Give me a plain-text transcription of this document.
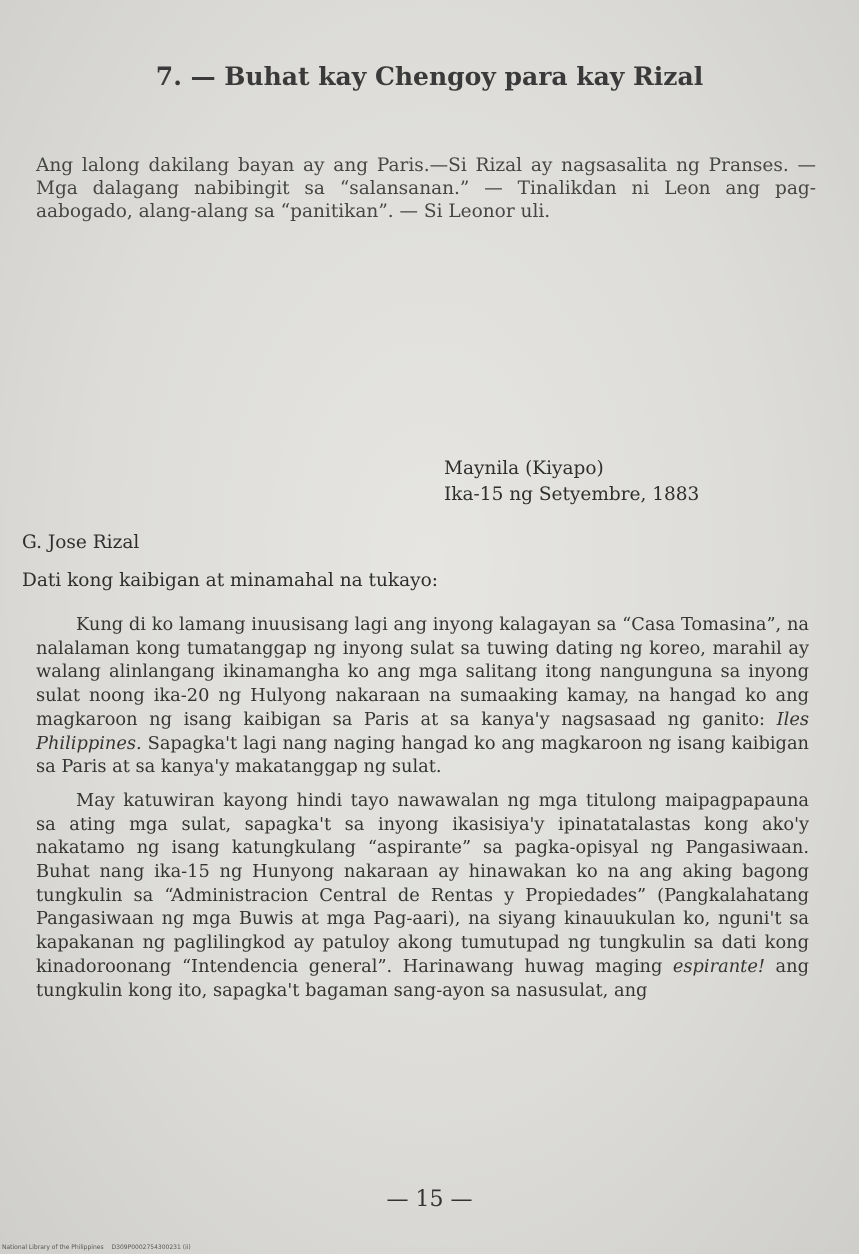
7. — Buhat kay Chengoy para kay Rizal
Ang lalong dakilang bayan ay ang Paris.—Si Rizal ay nagsasalita ng Pranses. — Mga dalagang nabibingit sa “salansanan.” — Tinalikdan ni Leon ang pag-aabogado, alang-alang sa “panitikan”. — Si Leonor uli.
Maynila (Kiyapo)
Ika-15 ng Setyembre, 1883
G. Jose Rizal
Dati kong kaibigan at minamahal na tukayo:

Kung di ko lamang inuusisang lagi ang inyong kalagayan sa “Casa Tomasina”, na nalalaman kong tumatanggap ng inyong sulat sa tuwing dating ng koreo, marahil ay walang alinlangang ikinamangha ko ang mga salitang itong nangunguna sa inyong sulat noong ika-20 ng Hulyong nakaraan na sumaaking kamay, na hangad ko ang magkaroon ng isang kaibigan sa Paris at sa kanya'y nagsasaad ng ganito: Iles Philippines. Sapagka't lagi nang naging hangad ko ang magkaroon ng isang kaibigan sa Paris at sa kanya'y makatanggap ng sulat.

May katuwiran kayong hindi tayo nawawalan ng mga titulong maipagpapauna sa ating mga sulat, sapagka't sa inyong ikasisiya'y ipinatatalastas kong ako'y nakatamo ng isang katungkulang “aspirante” sa pagka-opisyal ng Pangasiwaan. Buhat nang ika-15 ng Hunyong nakaraan ay hinawakan ko na ang aking bagong tungkulin sa “Administracion Central de Rentas y Propiedades” (Pangkalahatang Pangasiwaan ng mga Buwis at mga Pag-aari), na siyang kinauukulan ko, nguni't sa kapakanan ng paglilingkod ay patuloy akong tumutupad ng tungkulin sa dati kong kinadoroonang “Intendencia general”. Harinawang huwag maging espirante! ang tungkulin kong ito, sapagka't bagaman sang-ayon sa nasusulat, ang

— 15 —
National Library of the Philippines D309P0002754300231 (ii)
